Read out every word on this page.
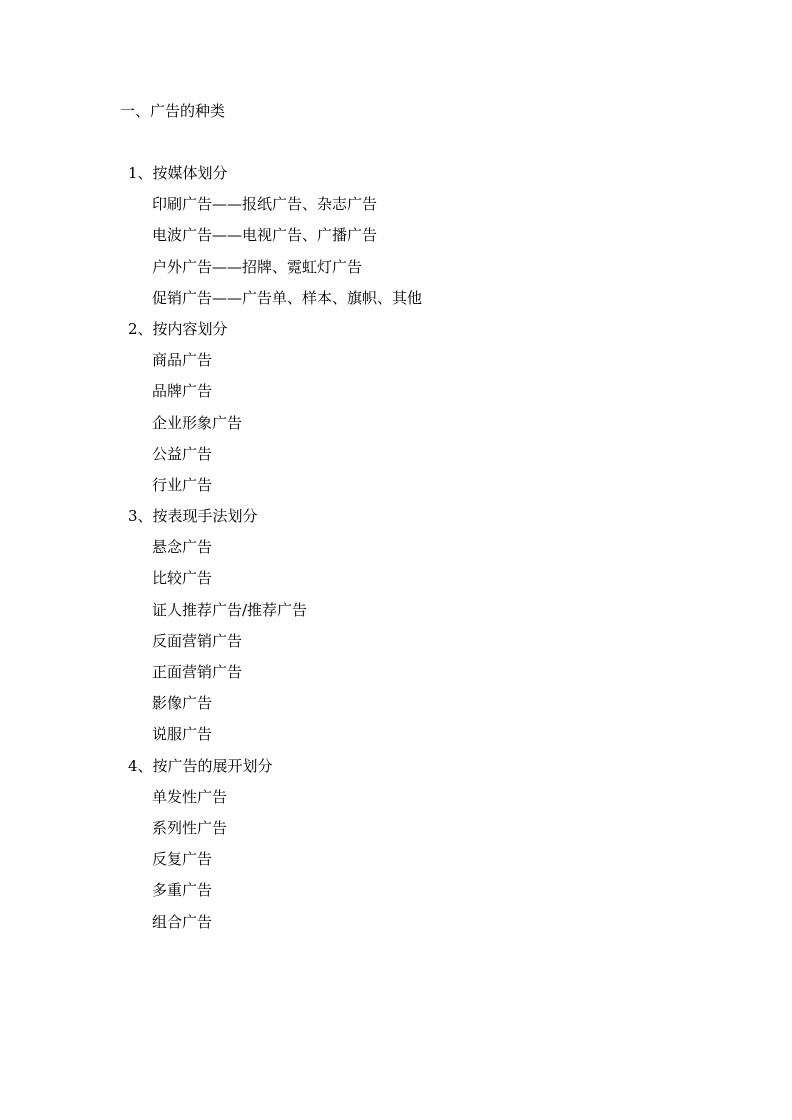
一、广告的种类
1、按媒体划分
印刷广告——报纸广告、杂志广告
电波广告——电视广告、广播广告
户外广告——招牌、霓虹灯广告
促销广告——广告单、样本、旗帜、其他
2、按内容划分
商品广告
品牌广告
企业形象广告
公益广告
行业广告
3、按表现手法划分
悬念广告
比较广告
证人推荐广告/推荐广告
反面营销广告
正面营销广告
影像广告
说服广告
4、按广告的展开划分
单发性广告
系列性广告
反复广告
多重广告
组合广告
